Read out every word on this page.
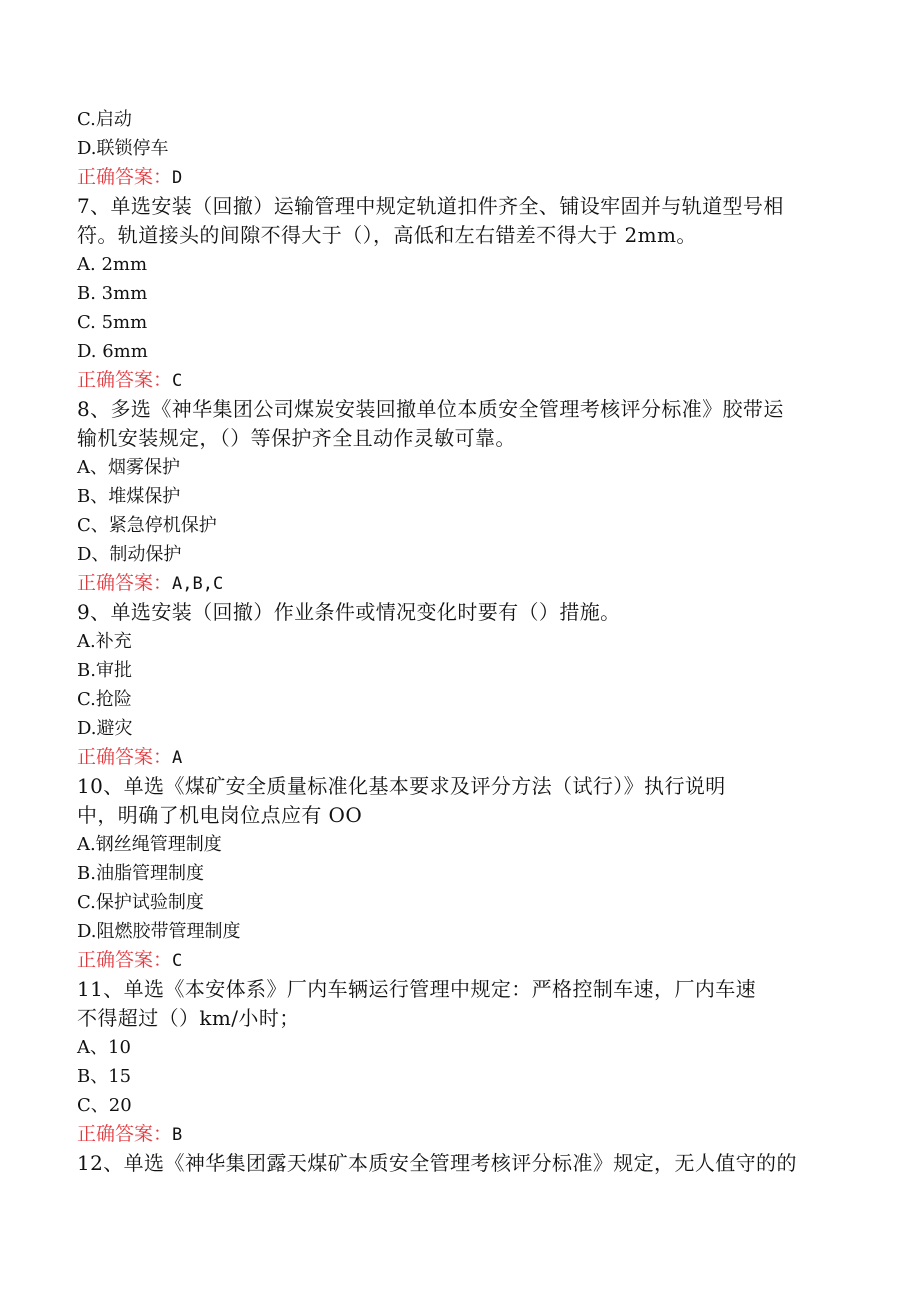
C.启动
D.联锁停车
正确答案：D
7、单选安装（回撤）运输管理中规定轨道扣件齐全、铺设牢固并与轨道型号相
符。轨道接头的间隙不得大于（），高低和左右错差不得大于 2mm。
A. 2mm
B. 3mm
C. 5mm
D. 6mm
正确答案：C
8、多选《神华集团公司煤炭安装回撤单位本质安全管理考核评分标准》胶带运
输机安装规定，（）等保护齐全且动作灵敏可靠。
A、烟雾保护
B、堆煤保护
C、紧急停机保护
D、制动保护
正确答案：A,B,C
9、单选安装（回撤）作业条件或情况变化时要有（）措施。
A.补充
B.审批
C.抢险
D.避灾
正确答案：A
10、单选《煤矿安全质量标准化基本要求及评分方法（试行）》执行说明
中，明确了机电岗位点应有 OO
A.钢丝绳管理制度
B.油脂管理制度
C.保护试验制度
D.阻燃胶带管理制度
正确答案：C
11、单选《本安体系》厂内车辆运行管理中规定：严格控制车速，厂内车速
不得超过（）km/小时；
A、10
B、15
C、20
正确答案：B
12、单选《神华集团露天煤矿本质安全管理考核评分标准》规定，无人值守的的
